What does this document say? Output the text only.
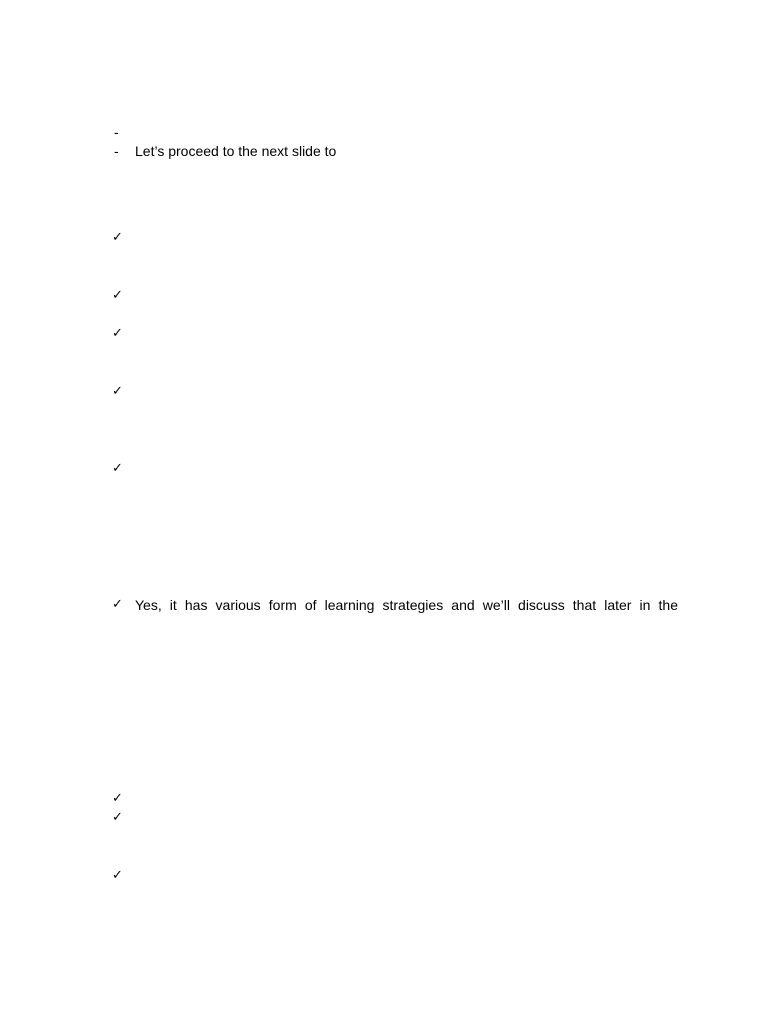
-
-	Let’s proceed to the next slide to
✓
✓
✓
✓
✓
✓ Yes, it has various form of learning strategies and we’ll discuss that later in the
✓
✓
✓
